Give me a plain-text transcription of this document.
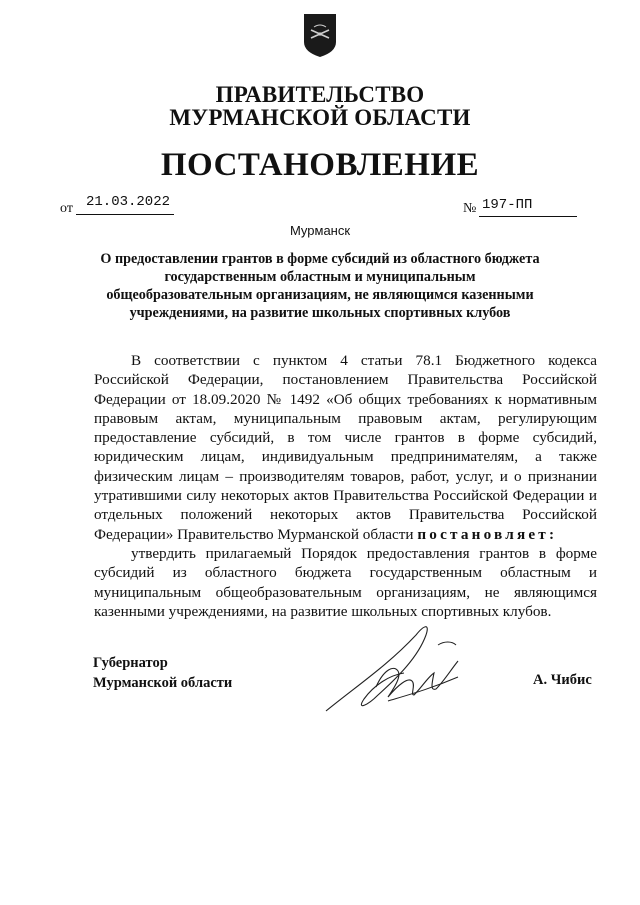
ПРАВИТЕЛЬСТВО
МУРМАНСКОЙ ОБЛАСТИ
ПОСТАНОВЛЕНИЕ
от 21.03.2022	№ 197-ПП
Мурманск
О предоставлении грантов в форме субсидий из областного бюджета государственным областным и муниципальным общеобразовательным организациям, не являющимся казенными учреждениями, на развитие школьных спортивных клубов

В соответствии с пунктом 4 статьи 78.1 Бюджетного кодекса Российской Федерации, постановлением Правительства Российской Федерации от 18.09.2020 № 1492 «Об общих требованиях к нормативным правовым актам, муниципальным правовым актам, регулирующим предоставление субсидий, в том числе грантов в форме субсидий, юридическим лицам, индивидуальным предпринимателям, а также физическим лицам – производителям товаров, работ, услуг, и о признании утратившими силу некоторых актов Правительства Российской Федерации и отдельных положений некоторых актов Правительства Российской Федерации» Правительство Мурманской области постановляет:

утвердить прилагаемый Порядок предоставления грантов в форме субсидий из областного бюджета государственным областным и муниципальным общеобразовательным организациям, не являющимся казенными учреждениями, на развитие школьных спортивных клубов.

Губернатор
Мурманской области	А. Чибис
